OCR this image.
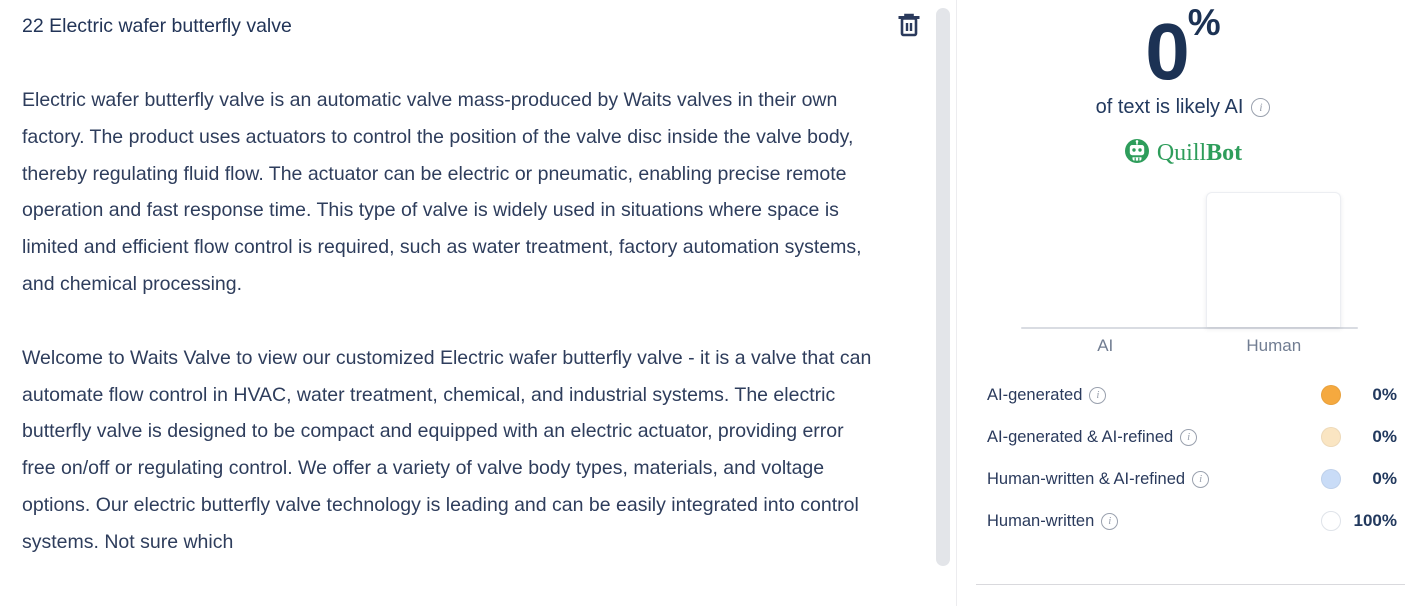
22 Electric wafer butterfly valve

Electric wafer butterfly valve is an automatic valve mass-produced by Waits valves in their own factory. The product uses actuators to control the position of the valve disc inside the valve body, thereby regulating fluid flow. The actuator can be electric or pneumatic, enabling precise remote operation and fast response time. This type of valve is widely used in situations where space is limited and efficient flow control is required, such as water treatment, factory automation systems, and chemical processing.

Welcome to Waits Valve to view our customized Electric wafer butterfly valve - it is a valve that can automate flow control in HVAC, water treatment, chemical, and industrial systems. The electric butterfly valve is designed to be compact and equipped with an electric actuator, providing error free on/off or regulating control. We offer a variety of valve body types, materials, and voltage options. Our electric butterfly valve technology is leading and can be easily integrated into control systems. Not sure which

0%
of text is likely AI	i
QuillBot
AI	Human
AI-generated	i	0%
AI-generated & AI-refined	i	0%
Human-written & AI-refined	i	0%
Human-written	i	100%
